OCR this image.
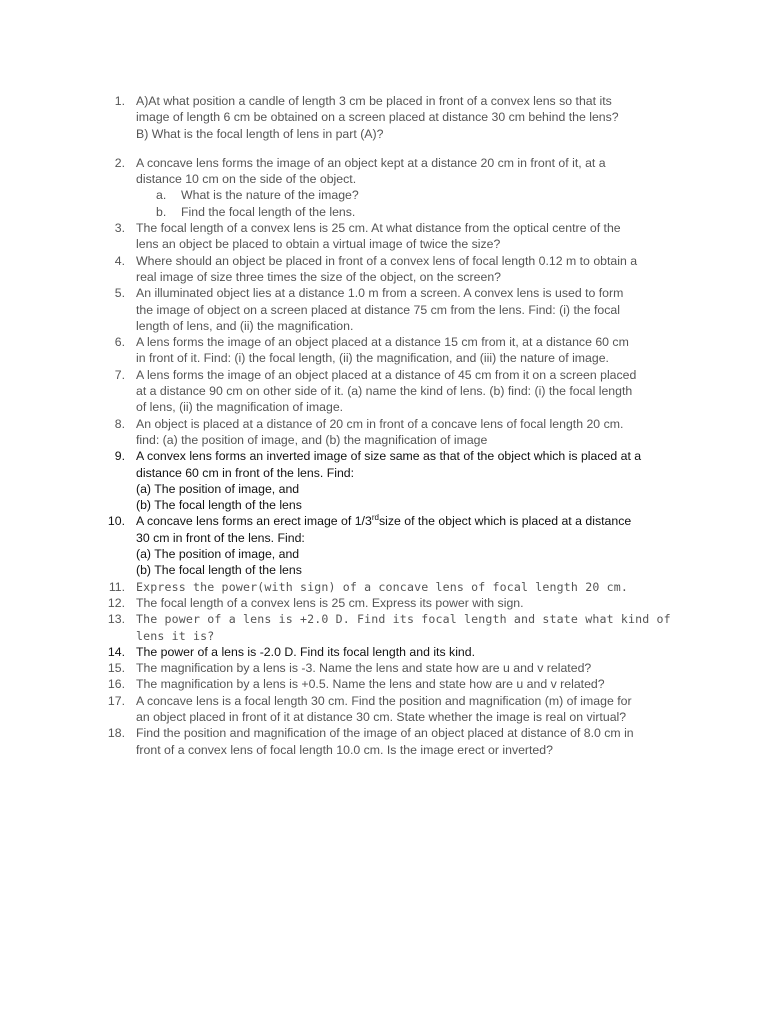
1. A)At what position a candle of length 3 cm be placed in front of a convex lens so that its
image of length 6 cm be obtained on a screen placed at distance 30 cm behind the lens?
B) What is the focal length of lens in part (A)?
2. A concave lens forms the image of an object kept at a distance 20 cm in front of it, at a
distance 10 cm on the side of the object.
a. What is the nature of the image?
b. Find the focal length of the lens.
3. The focal length of a convex lens is 25 cm. At what distance from the optical centre of the
lens an object be placed to obtain a virtual image of twice the size?
4. Where should an object be placed in front of a convex lens of focal length 0.12 m to obtain a
real image of size three times the size of the object, on the screen?
5. An illuminated object lies at a distance 1.0 m from a screen. A convex lens is used to form
the image of object on a screen placed at distance 75 cm from the lens. Find: (i) the focal
length of lens, and (ii) the magnification.
6. A lens forms the image of an object placed at a distance 15 cm from it, at a distance 60 cm
in front of it. Find: (i) the focal length, (ii) the magnification, and (iii) the nature of image.
7. A lens forms the image of an object placed at a distance of 45 cm from it on a screen placed
at a distance 90 cm on other side of it. (a) name the kind of lens. (b) find: (i) the focal length
of lens, (ii) the magnification of image.
8. An object is placed at a distance of 20 cm in front of a concave lens of focal length 20 cm.
find: (a) the position of image, and (b) the magnification of image
9. A convex lens forms an inverted image of size same as that of the object which is placed at a
distance 60 cm in front of the lens. Find:
(a) The position of image, and
(b) The focal length of the lens
10. A concave lens forms an erect image of 1/3rdsize of the object which is placed at a distance
30 cm in front of the lens. Find:
(a) The position of image, and
(b) The focal length of the lens
11. Express the power(with sign) of a concave lens of focal length 20 cm.
12. The focal length of a convex lens is 25 cm. Express its power with sign.
13. The power of a lens is +2.0 D. Find its focal length and state what kind of lens it is?
14. The power of a lens is -2.0 D. Find its focal length and its kind.
15. The magnification by a lens is -3. Name the lens and state how are u and v related?
16. The magnification by a lens is +0.5. Name the lens and state how are u and v related?
17. A concave lens is a focal length 30 cm. Find the position and magnification (m) of image for
an object placed in front of it at distance 30 cm. State whether the image is real on virtual?
18. Find the position and magnification of the image of an object placed at distance of 8.0 cm in
front of a convex lens of focal length 10.0 cm. Is the image erect or inverted?
